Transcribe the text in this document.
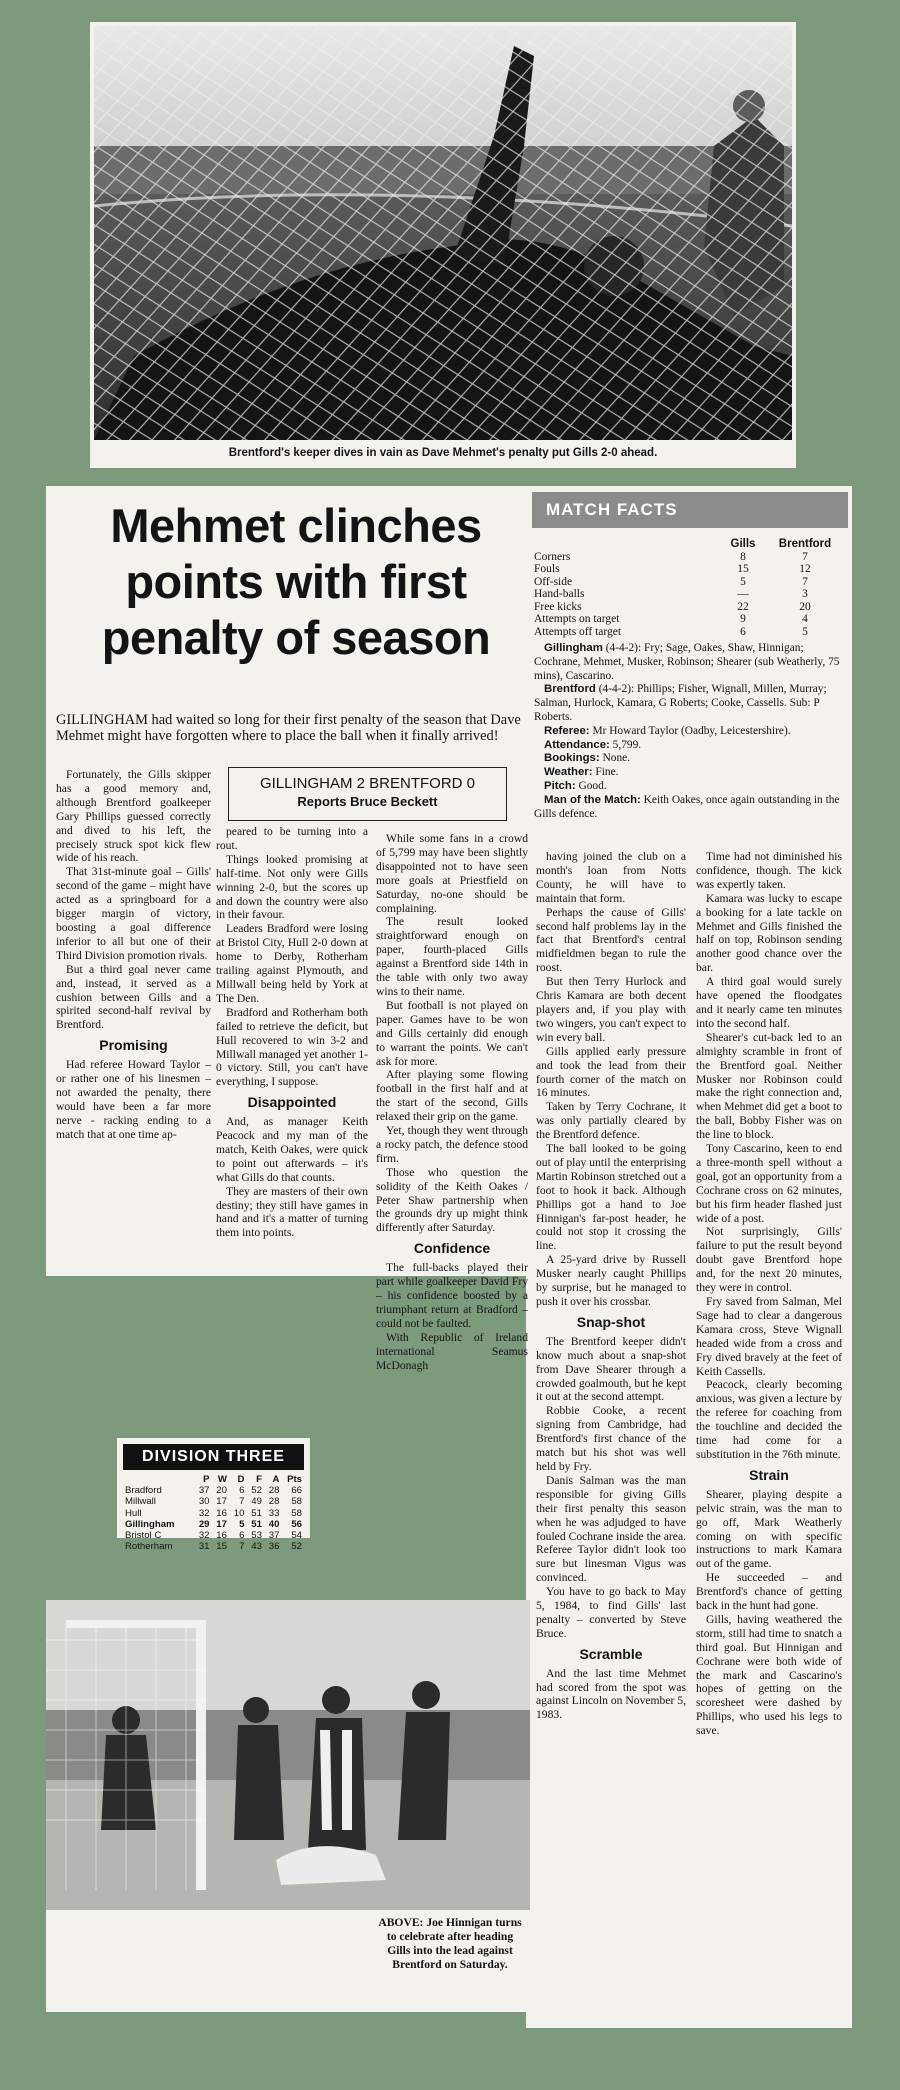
Brentford's keeper dives in vain as Dave Mehmet's penalty put Gills 2-0 ahead.
Mehmet clinches
points with first
penalty of season
GILLINGHAM had waited so long for their first penalty of the season that Dave Mehmet might have forgotten where to place the ball when it finally arrived!
GILLINGHAM 2 BRENTFORD 0
Reports Bruce Beckett

Fortunately, the Gills skipper has a good memory and, although Brentford goalkeeper Gary Phillips guessed correctly and dived to his left, the precisely struck spot kick flew wide of his reach.

That 31st-minute goal – Gills' second of the game – might have acted as a springboard for a bigger margin of victory, boosting a goal difference inferior to all but one of their Third Division promotion rivals.

But a third goal never came and, instead, it served as a cushion between Gills and a spirited second-half revival by Brentford.

Promising

Had referee Howard Taylor – or rather one of his linesmen – not awarded the penalty, there would have been a far more nerve - racking ending to a match that at one time ap-

peared to be turning into a rout.

Things looked promising at half-time. Not only were Gills winning 2-0, but the scores up and down the country were also in their favour.

Leaders Bradford were losing at Bristol City, Hull 2-0 down at home to Derby, Rotherham trailing against Plymouth, and Millwall being held by York at The Den.

Bradford and Rotherham both failed to retrieve the deficit, but Hull recovered to win 3-2 and Millwall managed yet another 1-0 victory. Still, you can't have everything, I suppose.

Disappointed

And, as manager Keith Peacock and my man of the match, Keith Oakes, were quick to point out afterwards – it's what Gills do that counts.

They are masters of their own destiny; they still have games in hand and it's a matter of turning them into points.

While some fans in a crowd of 5,799 may have been slightly disappointed not to have seen more goals at Priestfield on Saturday, no-one should be complaining.

The result looked straightforward enough on paper, fourth-placed Gills against a Brentford side 14th in the table with only two away wins to their name.

But football is not played on paper. Games have to be won and Gills certainly did enough to warrant the points. We can't ask for more.

After playing some flowing football in the first half and at the start of the second, Gills relaxed their grip on the game.

Yet, though they went through a rocky patch, the defence stood firm.

Those who question the solidity of the Keith Oakes / Peter Shaw partnership when the grounds dry up might think differently after Saturday.

Confidence

The full-backs played their part while goalkeeper David Fry – his confidence boosted by a triumphant return at Bradford – could not be faulted.

With Republic of Ireland international Seamus McDonagh

MATCH FACTS
	Gills	Brentford
Corners	8	7
Fouls	15	12
Off-side	5	7
Hand-balls	—	3
Free kicks	22	20
Attempts on target	9	4
Attempts off target	6	5

Gillingham (4-4-2): Fry; Sage, Oakes, Shaw, Hinnigan; Cochrane, Mehmet, Musker, Robinson; Shearer (sub Weatherly, 75 mins), Cascarino.

Brentford (4-4-2): Phillips; Fisher, Wignall, Millen, Murray; Salman, Hurlock, Kamara, G Roberts; Cooke, Cassells. Sub: P Roberts.

Referee: Mr Howard Taylor (Oadby, Leicestershire).

Attendance: 5,799.

Bookings: None.

Weather: Fine.

Pitch: Good.

Man of the Match: Keith Oakes, once again outstanding in the Gills defence.

having joined the club on a month's loan from Notts County, he will have to maintain that form.

Perhaps the cause of Gills' second half problems lay in the fact that Brentford's central midfieldmen began to rule the roost.

But then Terry Hurlock and Chris Kamara are both decent players and, if you play with two wingers, you can't expect to win every ball.

Gills applied early pressure and took the lead from their fourth corner of the match on 16 minutes.

Taken by Terry Cochrane, it was only partially cleared by the Brentford defence.

The ball looked to be going out of play until the enterprising Martin Robinson stretched out a foot to hook it back. Although Phillips got a hand to Joe Hinnigan's far-post header, he could not stop it crossing the line.

A 25-yard drive by Russell Musker nearly caught Phillips by surprise, but he managed to push it over his crossbar.

Snap-shot

The Brentford keeper didn't know much about a snap-shot from Dave Shearer through a crowded goalmouth, but he kept it out at the second attempt.

Robbie Cooke, a recent signing from Cambridge, had Brentford's first chance of the match but his shot was well held by Fry.

Danis Salman was the man responsible for giving Gills their first penalty this season when he was adjudged to have fouled Cochrane inside the area. Referee Taylor didn't look too sure but linesman Vigus was convinced.

You have to go back to May 5, 1984, to find Gills' last penalty – converted by Steve Bruce.

Scramble

And the last time Mehmet had scored from the spot was against Lincoln on November 5, 1983.

Time had not diminished his confidence, though. The kick was expertly taken.

Kamara was lucky to escape a booking for a late tackle on Mehmet and Gills finished the half on top, Robinson sending another good chance over the bar.

A third goal would surely have opened the floodgates and it nearly came ten minutes into the second half.

Shearer's cut-back led to an almighty scramble in front of the Brentford goal. Neither Musker nor Robinson could make the right connection and, when Mehmet did get a boot to the ball, Bobby Fisher was on the line to block.

Tony Cascarino, keen to end a three-month spell without a goal, got an opportunity from a Cochrane cross on 62 minutes, but his firm header flashed just wide of a post.

Not surprisingly, Gills' failure to put the result beyond doubt gave Brentford hope and, for the next 20 minutes, they were in control.

Fry saved from Salman, Mel Sage had to clear a dangerous Kamara cross, Steve Wignall headed wide from a cross and Fry dived bravely at the feet of Keith Cassells.

Peacock, clearly becoming anxious, was given a lecture by the referee for coaching from the touchline and decided the time had come for a substitution in the 76th minute.

Strain

Shearer, playing despite a pelvic strain, was the man to go off, Mark Weatherly coming on with specific instructions to mark Kamara out of the game.

He succeeded – and Brentford's chance of getting back in the hunt had gone.

Gills, having weathered the storm, still had time to snatch a third goal. But Hinnigan and Cochrane were both wide of the mark and Cascarino's hopes of getting on the scoresheet were dashed by Phillips, who used his legs to save.

DIVISION THREE
	P	W	D	F	A	Pts
Bradford	37	20	6	52	28	66
Millwall	30	17	7	49	28	58
Hull	32	16	10	51	33	58
Gillingham	29	17	5	51	40	56
Bristol C	32	16	6	53	37	54
Rotherham	31	15	7	43	36	52
ABOVE: Joe Hinnigan turns to celebrate after heading Gills into the lead against Brentford on Saturday.
